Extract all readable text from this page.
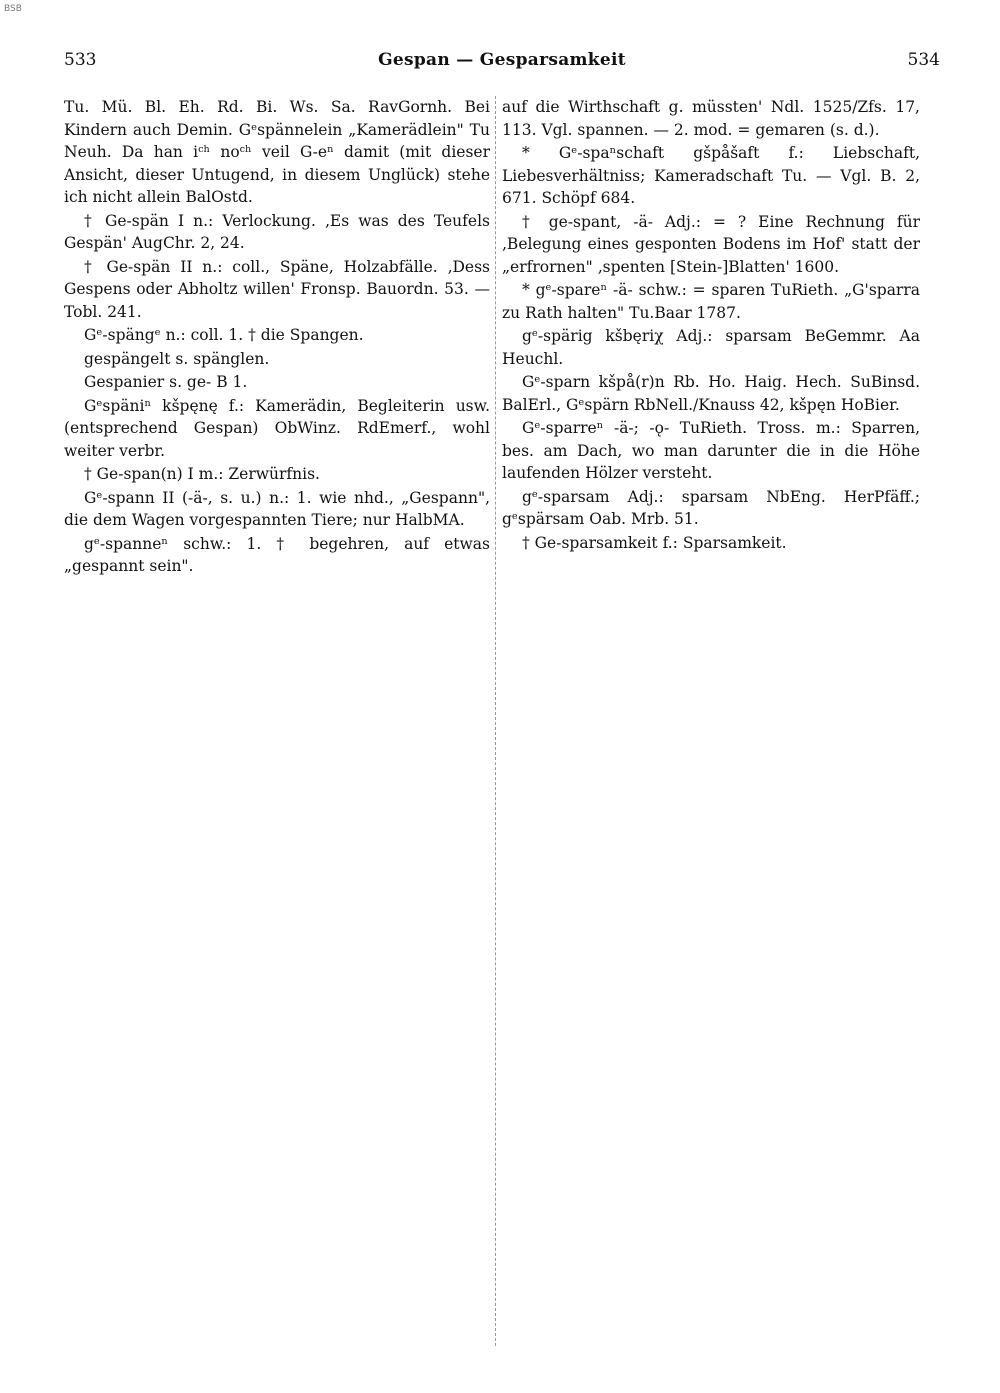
BSB
533	Gespan — Gesparsamkeit	534

Tu. Mü. Bl. Eh. Rd. Bi. Ws. Sa. RavGornh. Bei Kindern auch Demin. Gᵉspännelein „Kamerädlein" Tu Neuh. Da han iᶜʰ noᶜʰ veil G-eⁿ damit (mit dieser Ansicht, dieser Untugend, in diesem Unglück) stehe ich nicht allein BalOstd.

† Ge-spän I n.: Verlockung. ‚Es was des Teufels Gespän' AugChr. 2, 24.

† Ge-spän II n.: coll., Späne, Holzabfälle. ‚Dess Gespens oder Abholtz willen' Fronsp. Bauordn. 53. — Tobl. 241.

Gᵉ-spängᵉ n.: coll. 1. † die Spangen.

gespängelt s. spänglen.

Gespanier s. ge- B 1.

Gᵉspäniⁿ kšpęnę f.: Kamerädin, Begleiterin usw. (entsprechend Gespan) ObWinz. RdEmerf., wohl weiter verbr.

† Ge-span(n) I m.: Zerwürfnis.

Gᵉ-spann II (-ä-, s. u.) n.: 1. wie nhd., „Gespann", die dem Wagen vorgespannten Tiere; nur HalbMA.

gᵉ-spanneⁿ schw.: 1. † begehren, auf etwas „gespannt sein".

auf die Wirthschaft g. müssten' Ndl. 1525/Zfs. 17, 113. Vgl. spannen. — 2. mod. = gemaren (s. d.).

* Gᵉ-spaⁿschaft gšpåšaft f.: Liebschaft, Liebesverhältniss; Kameradschaft Tu. — Vgl. B. 2, 671. Schöpf 684.

† ge-spant, -ä- Adj.: = ? Eine Rechnung für ‚Belegung eines gesponten Bodens im Hof' statt der „erfrornen" ‚spenten [Stein-]Blatten' 1600.

* gᵉ-spareⁿ -ä- schw.: = sparen TuRieth. „G'sparra zu Rath halten" Tu.Baar 1787.

gᵉ-spärig kšbęriχ Adj.: sparsam BeGemmr. Aa Heuchl.

Gᵉ-sparn kšpå(r)n Rb. Ho. Haig. Hech. SuBinsd. BalErl., Gᵉspärn RbNell./Knauss 42, kšpęn HoBier.

Gᵉ-sparreⁿ -ä-; -ǫ- TuRieth. Tross. m.: Sparren, bes. am Dach, wo man darunter die in die Höhe laufenden Hölzer versteht.

gᵉ-sparsam Adj.: sparsam NbEng. HerPfäff.; gᵉspärsam Oab. Mrb. 51.

† Ge-sparsamkeit f.: Sparsamkeit.
